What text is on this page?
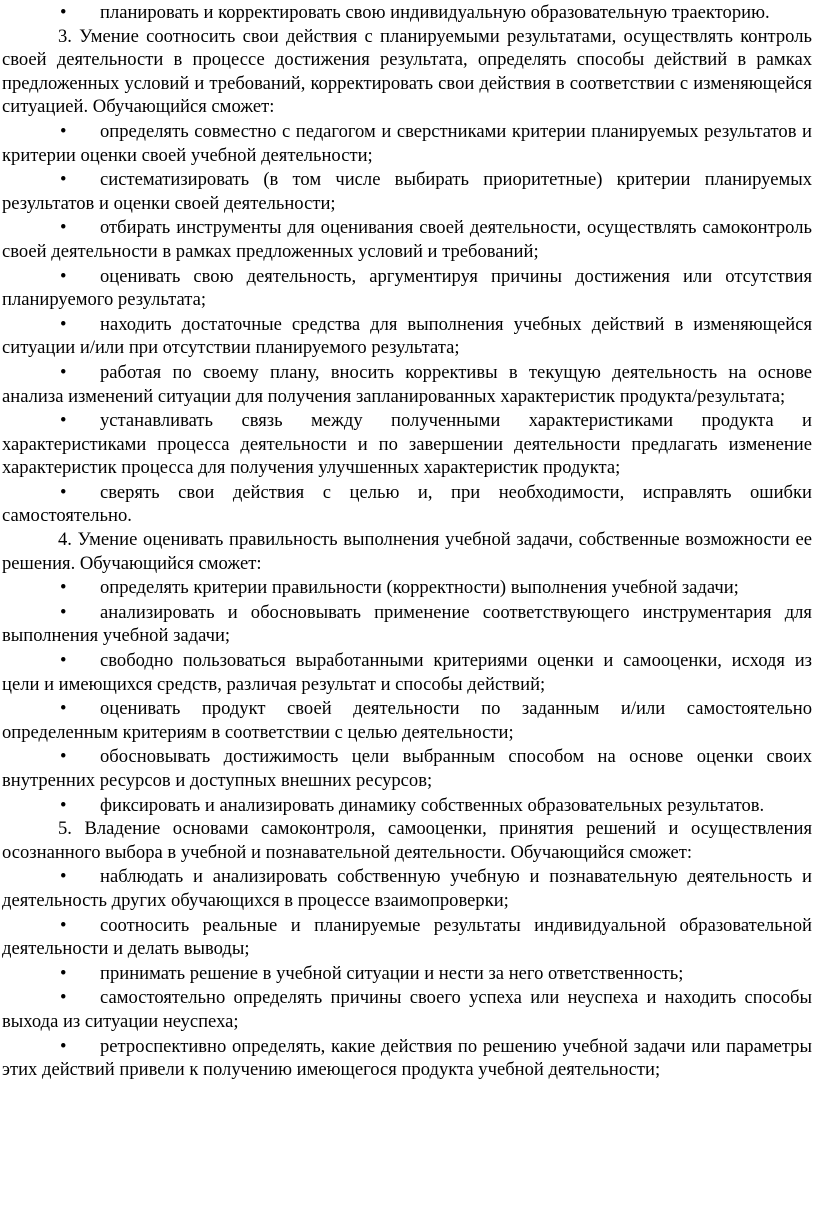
• планировать и корректировать свою индивидуальную образовательную траекторию.

3. Умение соотносить свои действия с планируемыми результатами, осуществлять контроль своей деятельности в процессе достижения результата, определять способы действий в рамках предложенных условий и требований, корректировать свои действия в соответствии с изменяющейся ситуацией. Обучающийся сможет:

• определять совместно с педагогом и сверстниками критерии планируемых результатов и критерии оценки своей учебной деятельности;

• систематизировать (в том числе выбирать приоритетные) критерии планируемых результатов и оценки своей деятельности;

• отбирать инструменты для оценивания своей деятельности, осуществлять самоконтроль своей деятельности в рамках предложенных условий и требований;

• оценивать свою деятельность, аргументируя причины достижения или отсутствия планируемого результата;

• находить достаточные средства для выполнения учебных действий в изменяющейся ситуации и/или при отсутствии планируемого результата;

• работая по своему плану, вносить коррективы в текущую деятельность на основе анализа изменений ситуации для получения запланированных характеристик продукта/результата;

• устанавливать связь между полученными характеристиками продукта и характеристиками процесса деятельности и по завершении деятельности предлагать изменение характеристик процесса для получения улучшенных характеристик продукта;

• сверять свои действия с целью и, при необходимости, исправлять ошибки самостоятельно.

4. Умение оценивать правильность выполнения учебной задачи, собственные возможности ее решения. Обучающийся сможет:

• определять критерии правильности (корректности) выполнения учебной задачи;

• анализировать и обосновывать применение соответствующего инструментария для выполнения учебной задачи;

• свободно пользоваться выработанными критериями оценки и самооценки, исходя из цели и имеющихся средств, различая результат и способы действий;

• оценивать продукт своей деятельности по заданным и/или самостоятельно определенным критериям в соответствии с целью деятельности;

• обосновывать достижимость цели выбранным способом на основе оценки своих внутренних ресурсов и доступных внешних ресурсов;

• фиксировать и анализировать динамику собственных образовательных результатов.

5. Владение основами самоконтроля, самооценки, принятия решений и осуществления осознанного выбора в учебной и познавательной деятельности. Обучающийся сможет:

• наблюдать и анализировать собственную учебную и познавательную деятельность и деятельность других обучающихся в процессе взаимопроверки;

• соотносить реальные и планируемые результаты индивидуальной образовательной деятельности и делать выводы;

• принимать решение в учебной ситуации и нести за него ответственность;

• самостоятельно определять причины своего успеха или неуспеха и находить способы выхода из ситуации неуспеха;

• ретроспективно определять, какие действия по решению учебной задачи или параметры этих действий привели к получению имеющегося продукта учебной деятельности;
